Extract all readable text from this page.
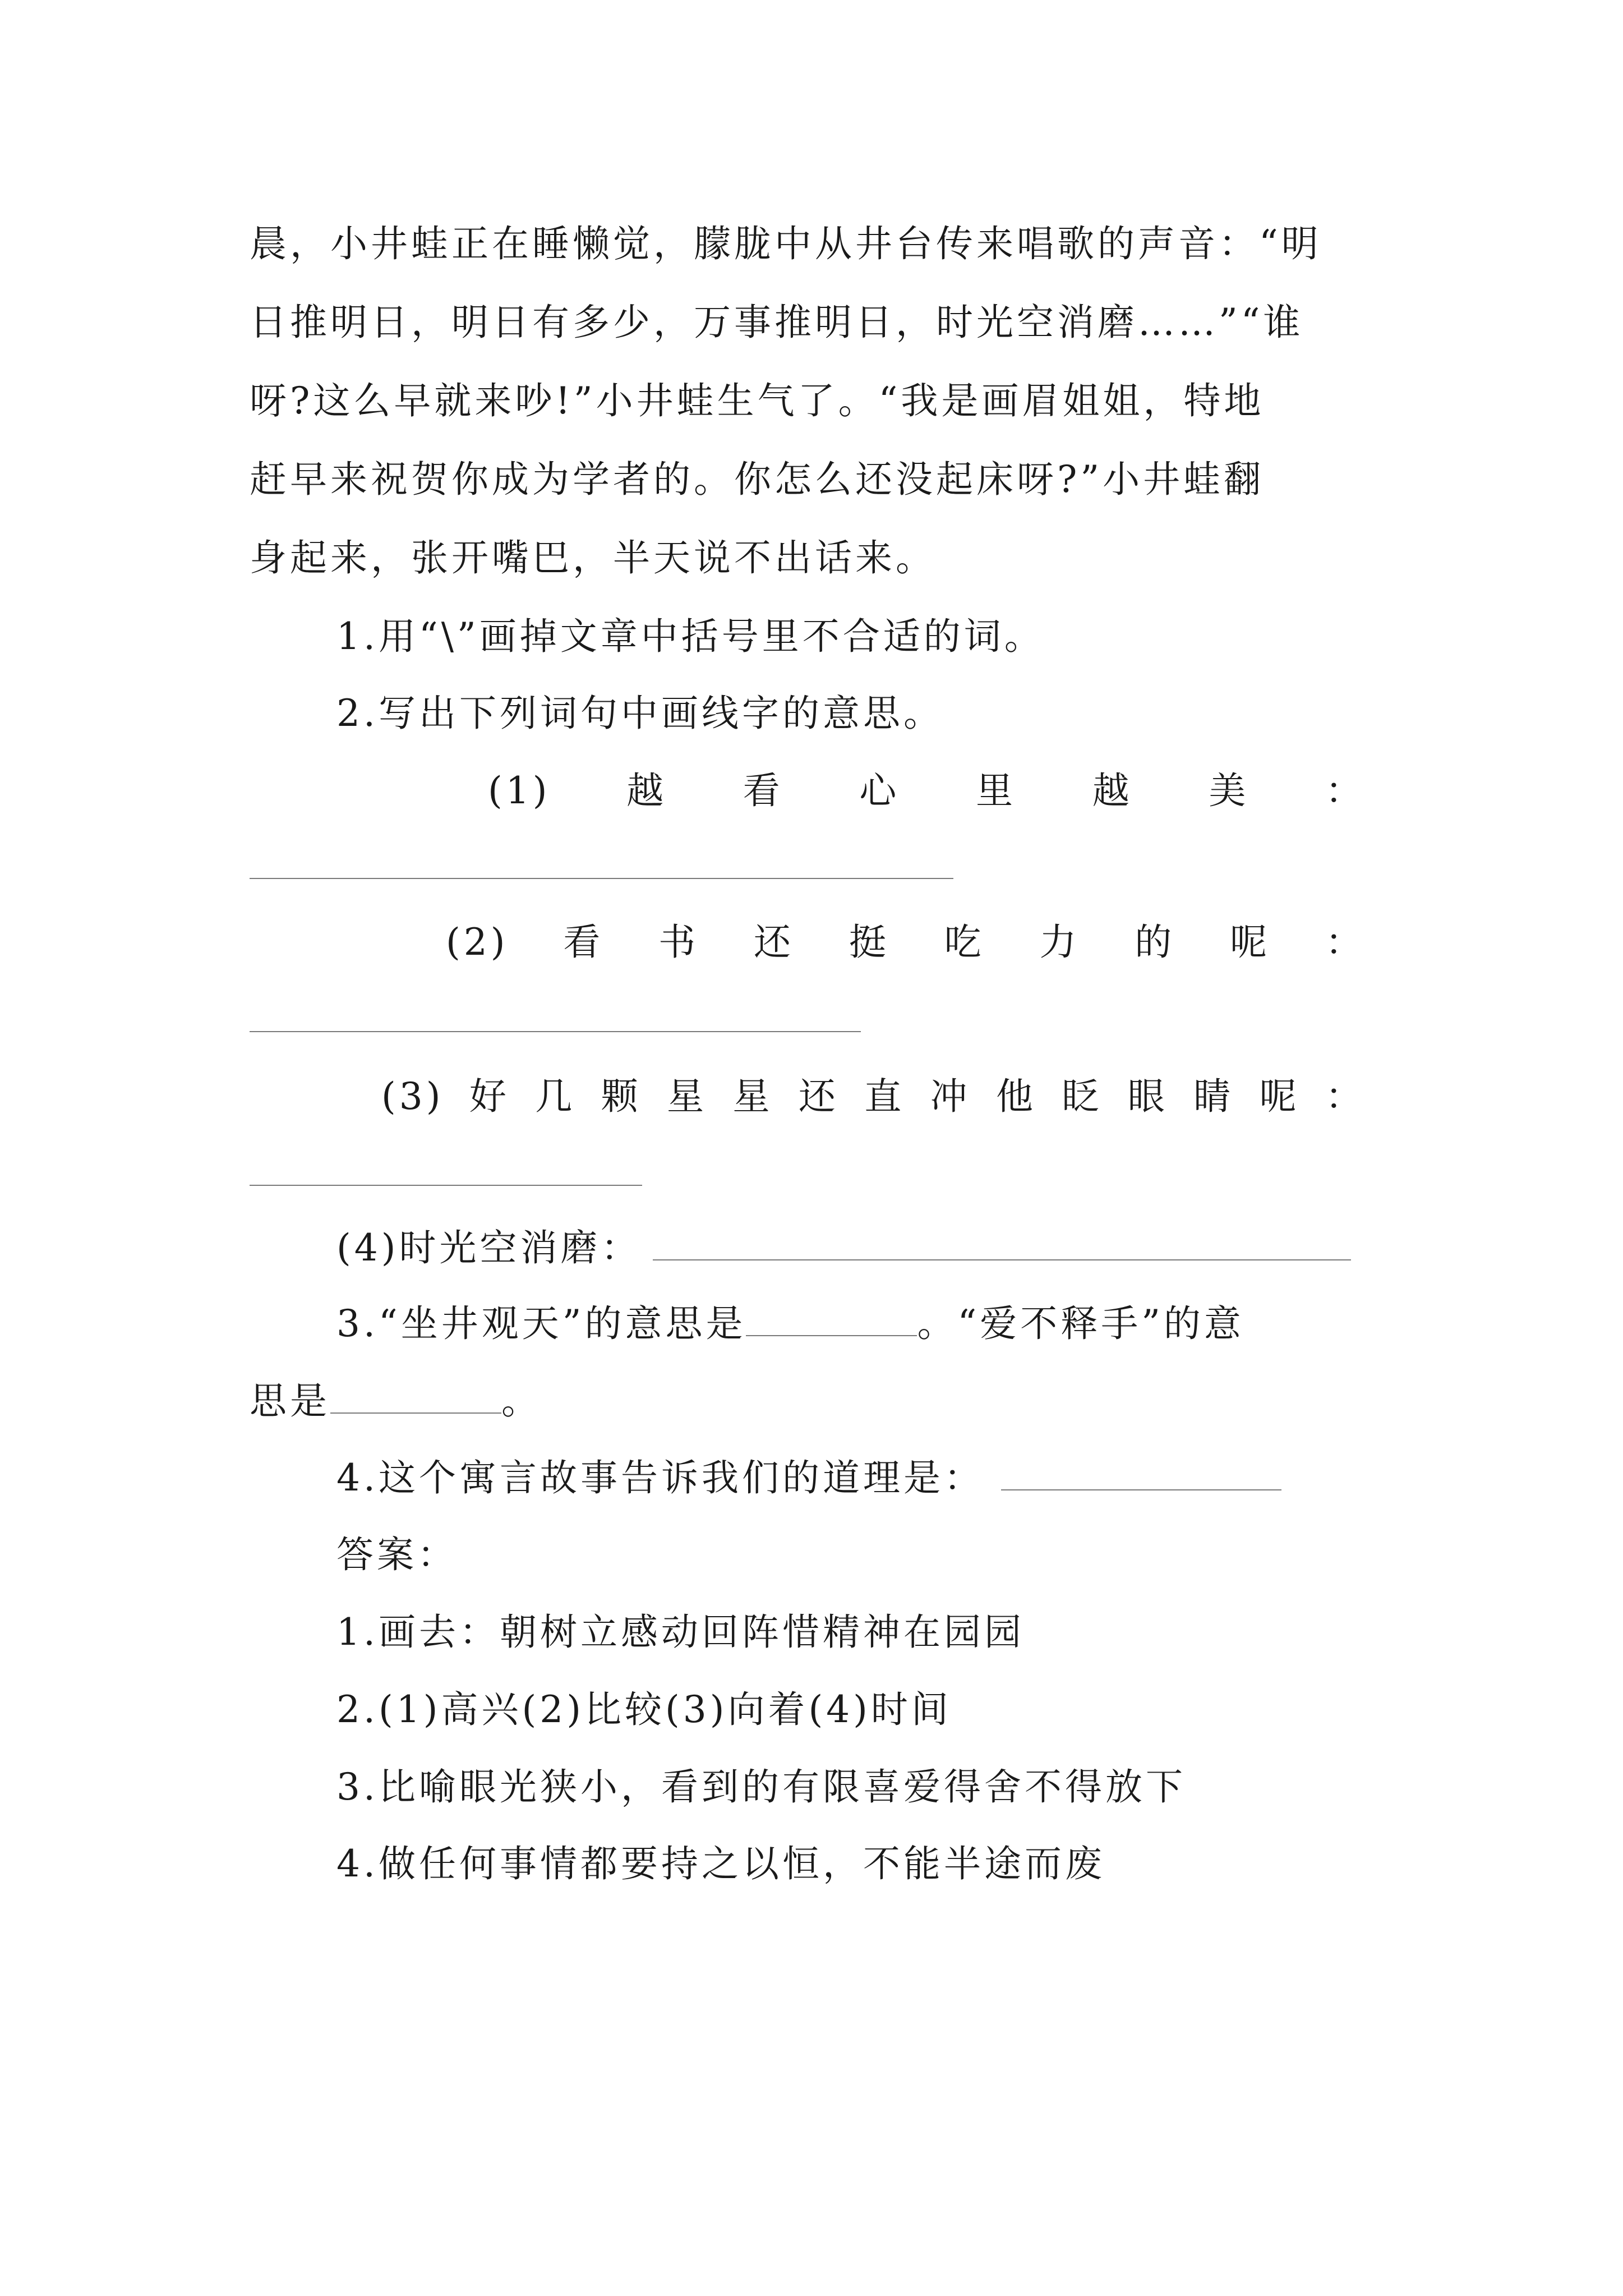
晨，小井蛙正在睡懒觉，朦胧中从井台传来唱歌的声音：“明
日推明日，明日有多少，万事推明日，时光空消磨……”“谁
呀?这么早就来吵!”小井蛙生气了。“我是画眉姐姐，特地
赶早来祝贺你成为学者的。你怎么还没起床呀?”小井蛙翻
身起来，张开嘴巴，半天说不出话来。
1.用“\”画掉文章中括号里不合适的词。
2.写出下列词句中画线字的意思。
(1) 越 看 心 里 越 美 ：
(2) 看 书 还 挺 吃 力 的 呢 ：
(3) 好 几 颗 星 星 还 直 冲 他 眨 眼 睛 呢 ：
(4)时光空消磨：
3.“坐井观天”的意思是	。“爱不释手”的意
思是	。
4.这个寓言故事告诉我们的道理是：
答案：
1.画去：朝树立感动回阵惜精神在园园
2.(1)高兴(2)比较(3)向着(4)时间
3.比喻眼光狭小，看到的有限喜爱得舍不得放下
4.做任何事情都要持之以恒，不能半途而废
